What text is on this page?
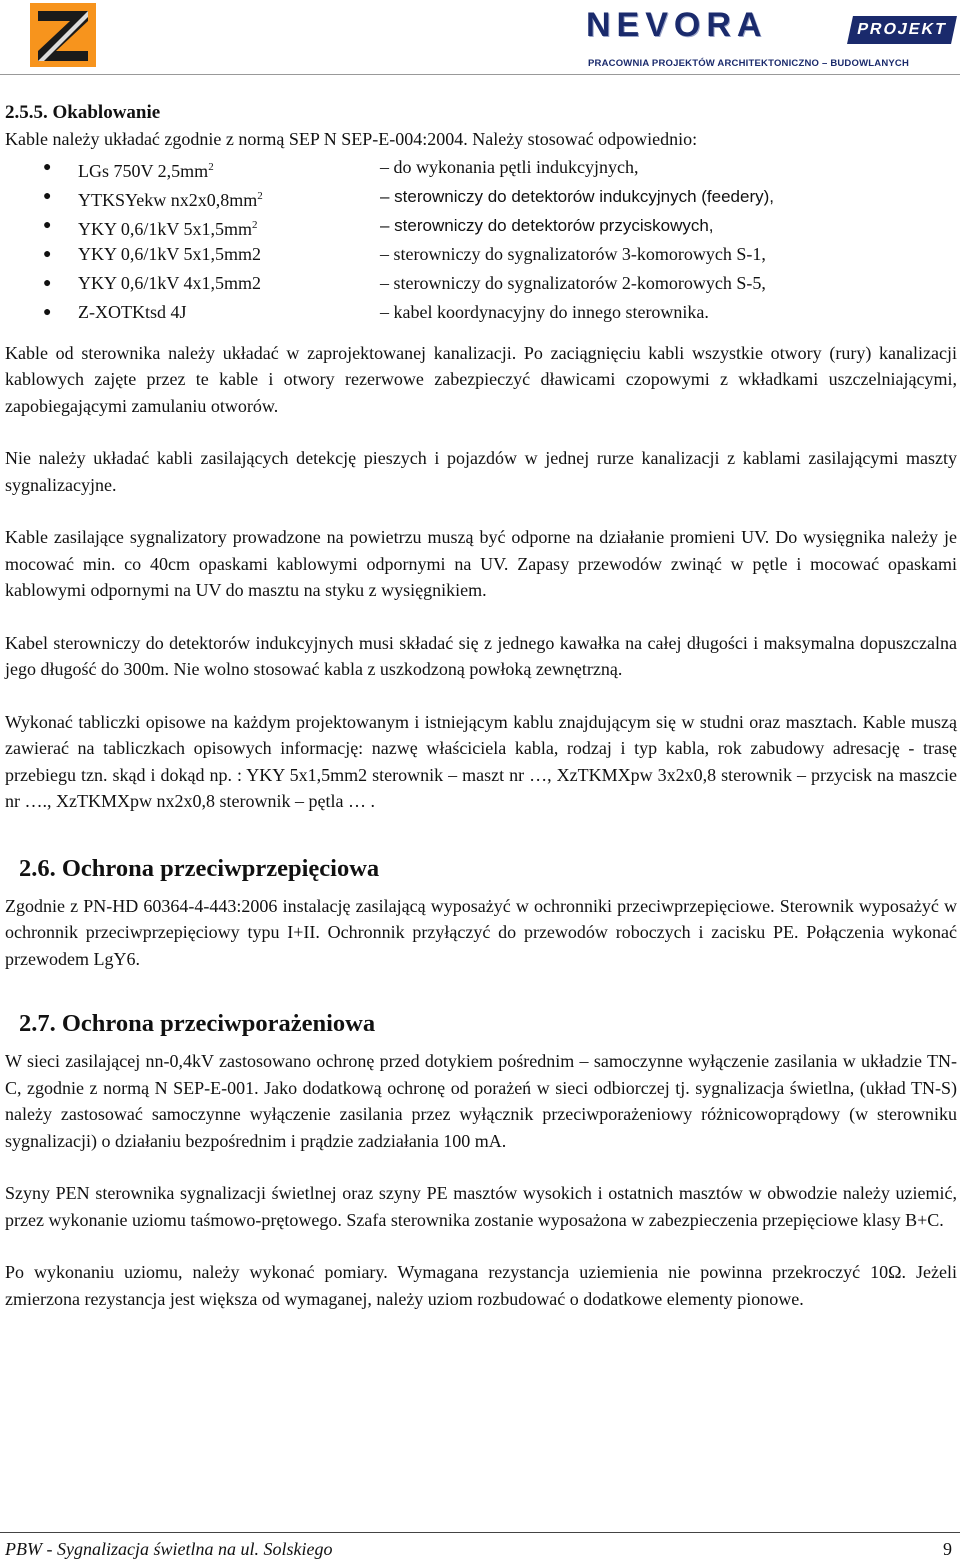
NEVORA	PROJEKT
PRACOWNIA PROJEKTÓW ARCHITEKTONICZNO – BUDOWLANYCH
2.5.5. Okablowanie

Kable należy układać zgodnie z normą SEP N SEP-E-004:2004. Należy stosować odpowiednio:

● LGs 750V $2,5mm^2$	– do wykonania pętli indukcyjnych,
● YTKSYekw $nx2x0,8mm^2$	– sterowniczy do detektorów indukcyjnych (feedery),
● YKY 0,6/1kV $5x1,5mm^2$	– sterowniczy do detektorów przyciskowych,
● YKY 0,6/1kV 5x1,5mm2	– sterowniczy do sygnalizatorów 3-komorowych S-1,
● YKY 0,6/1kV 4x1,5mm2	– sterowniczy do sygnalizatorów 2-komorowych S-5,
● Z-XOTKtsd 4J	– kabel koordynacyjny do innego sterownika.

Kable od sterownika należy układać w zaprojektowanej kanalizacji. Po zaciągnięciu kabli wszystkie otwory (rury) kanalizacji kablowych zajęte przez te kable i otwory rezerwowe zabezpieczyć dławicami czopowymi z wkładkami uszczelniającymi, zapobiegającymi zamulaniu otworów.

Nie należy układać kabli zasilających detekcję pieszych i pojazdów w jednej rurze kanalizacji z kablami zasilającymi maszty sygnalizacyjne.

Kable zasilające sygnalizatory prowadzone na powietrzu muszą być odporne na działanie promieni UV. Do wysięgnika należy je mocować min. co 40cm opaskami kablowymi odpornymi na UV. Zapasy przewodów zwinąć w pętle i mocować opaskami kablowymi odpornymi na UV do masztu na styku z wysięgnikiem.

Kabel sterowniczy do detektorów indukcyjnych musi składać się z jednego kawałka na całej długości i maksymalna dopuszczalna jego długość do 300m. Nie wolno stosować kabla z uszkodzoną powłoką zewnętrzną.

Wykonać tabliczki opisowe na każdym projektowanym i istniejącym kablu znajdującym się w studni oraz masztach. Kable muszą zawierać na tabliczkach opisowych informację: nazwę właściciela kabla, rodzaj i typ kabla, rok zabudowy adresację - trasę przebiegu tzn. skąd i dokąd np. : YKY 5x1,5mm2 sterownik – maszt nr …, XzTKMXpw 3x2x0,8 sterownik – przycisk na maszcie nr …., XzTKMXpw nx2x0,8 sterownik – pętla … .

2.6. Ochrona przeciwprzepięciowa

Zgodnie z PN-HD 60364-4-443:2006 instalację zasilającą wyposażyć w ochronniki przeciwprzepięciowe. Sterownik wyposażyć w ochronnik przeciwprzepięciowy typu I+II. Ochronnik przyłączyć do przewodów roboczych i zacisku PE. Połączenia wykonać przewodem LgY6.

2.7. Ochrona przeciwporażeniowa

W sieci zasilającej nn-0,4kV zastosowano ochronę przed dotykiem pośrednim – samoczynne wyłączenie zasilania w układzie TN-C, zgodnie z normą N SEP-E-001. Jako dodatkową ochronę od porażeń w sieci odbiorczej tj. sygnalizacja świetlna, (układ TN-S) należy zastosować samoczynne wyłączenie zasilania przez wyłącznik przeciwporażeniowy różnicowoprądowy (w sterowniku sygnalizacji) o działaniu bezpośrednim i prądzie zadziałania 100 mA.

Szyny PEN sterownika sygnalizacji świetlnej oraz szyny PE masztów wysokich i ostatnich masztów w obwodzie należy uziemić, przez wykonanie uziomu taśmowo-prętowego. Szafa sterownika zostanie wyposażona w zabezpieczenia przepięciowe klasy B+C.

Po wykonaniu uziomu, należy wykonać pomiary. Wymagana rezystancja uziemienia nie powinna przekroczyć 10Ω. Jeżeli zmierzona rezystancja jest większa od wymaganej, należy uziom rozbudować o dodatkowe elementy pionowe.

PBW - Sygnalizacja świetlna na ul. Solskiego	9
